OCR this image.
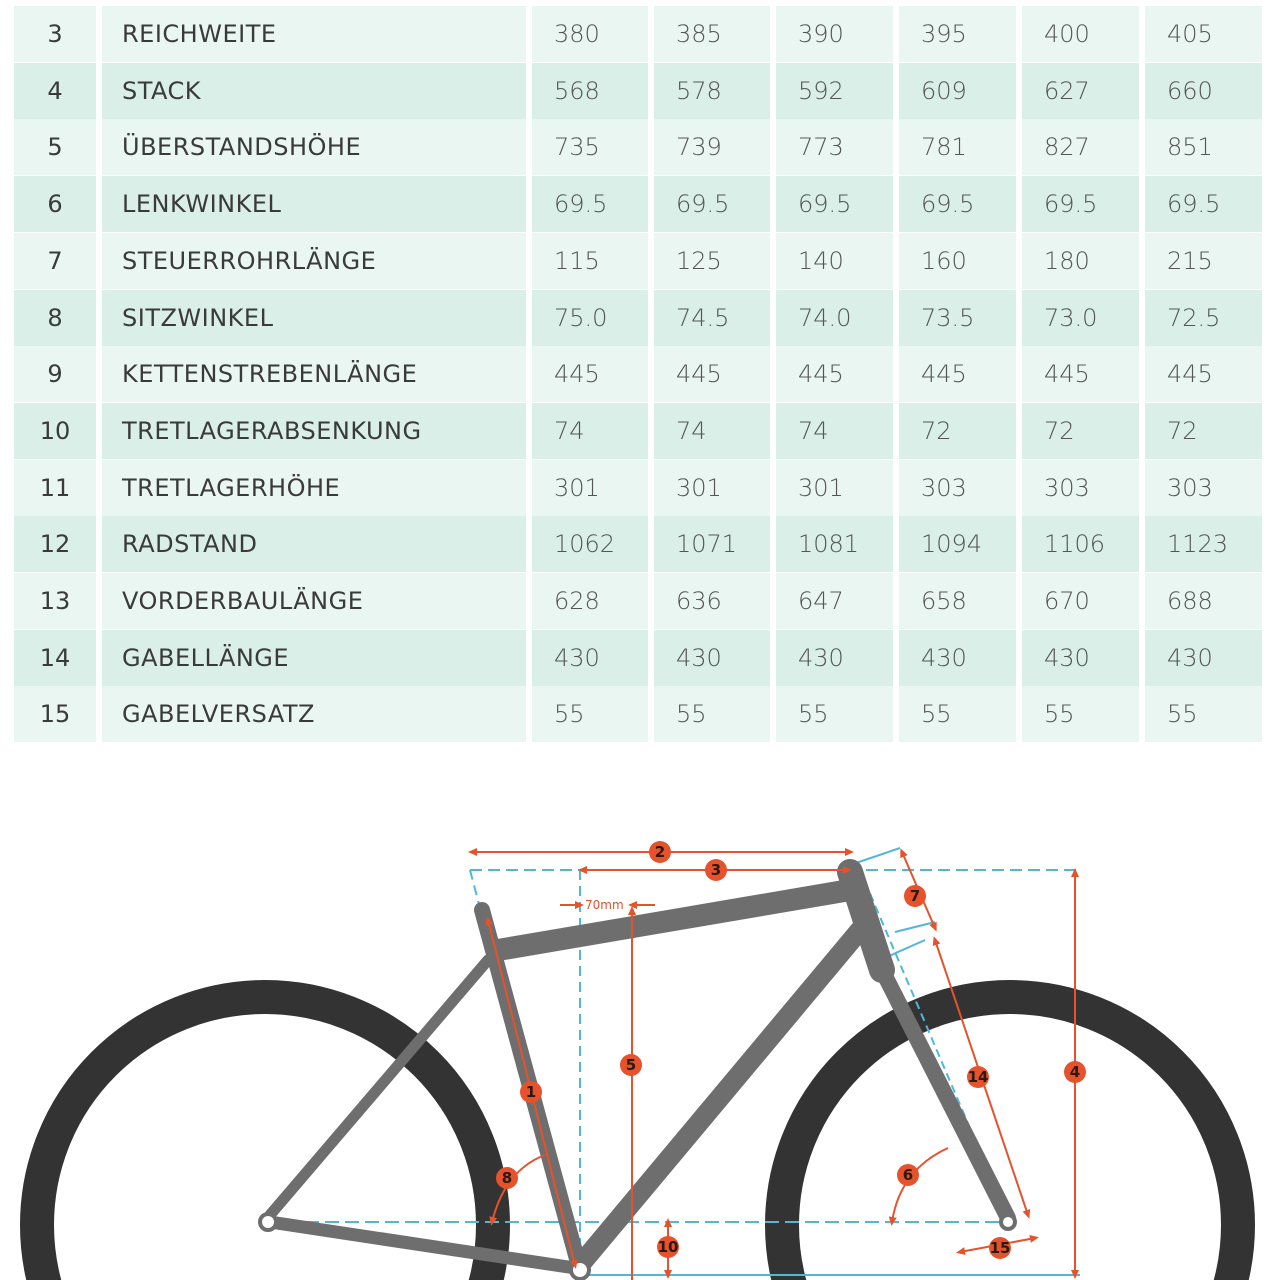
3	REICHWEITE	380	385	390	395	400	405
4	STACK	568	578	592	609	627	660
5	ÜBERSTANDSHÖHE	735	739	773	781	827	851
6	LENKWINKEL	69.5	69.5	69.5	69.5	69.5	69.5
7	STEUERROHRLÄNGE	115	125	140	160	180	215
8	SITZWINKEL	75.0	74.5	74.0	73.5	73.0	72.5
9	KETTENSTREBENLÄNGE	445	445	445	445	445	445
10	TRETLAGERABSENKUNG	74	74	74	72	72	72
11	TRETLAGERHÖHE	301	301	301	303	303	303
12	RADSTAND	1062	1071	1081	1094	1106	1123
13	VORDERBAULÄNGE	628	636	647	658	670	688
14	GABELLÄNGE	430	430	430	430	430	430
15	GABELVERSATZ	55	55	55	55	55	55
70mm
2
3
7
5	4
14
1
6
8
10	15
